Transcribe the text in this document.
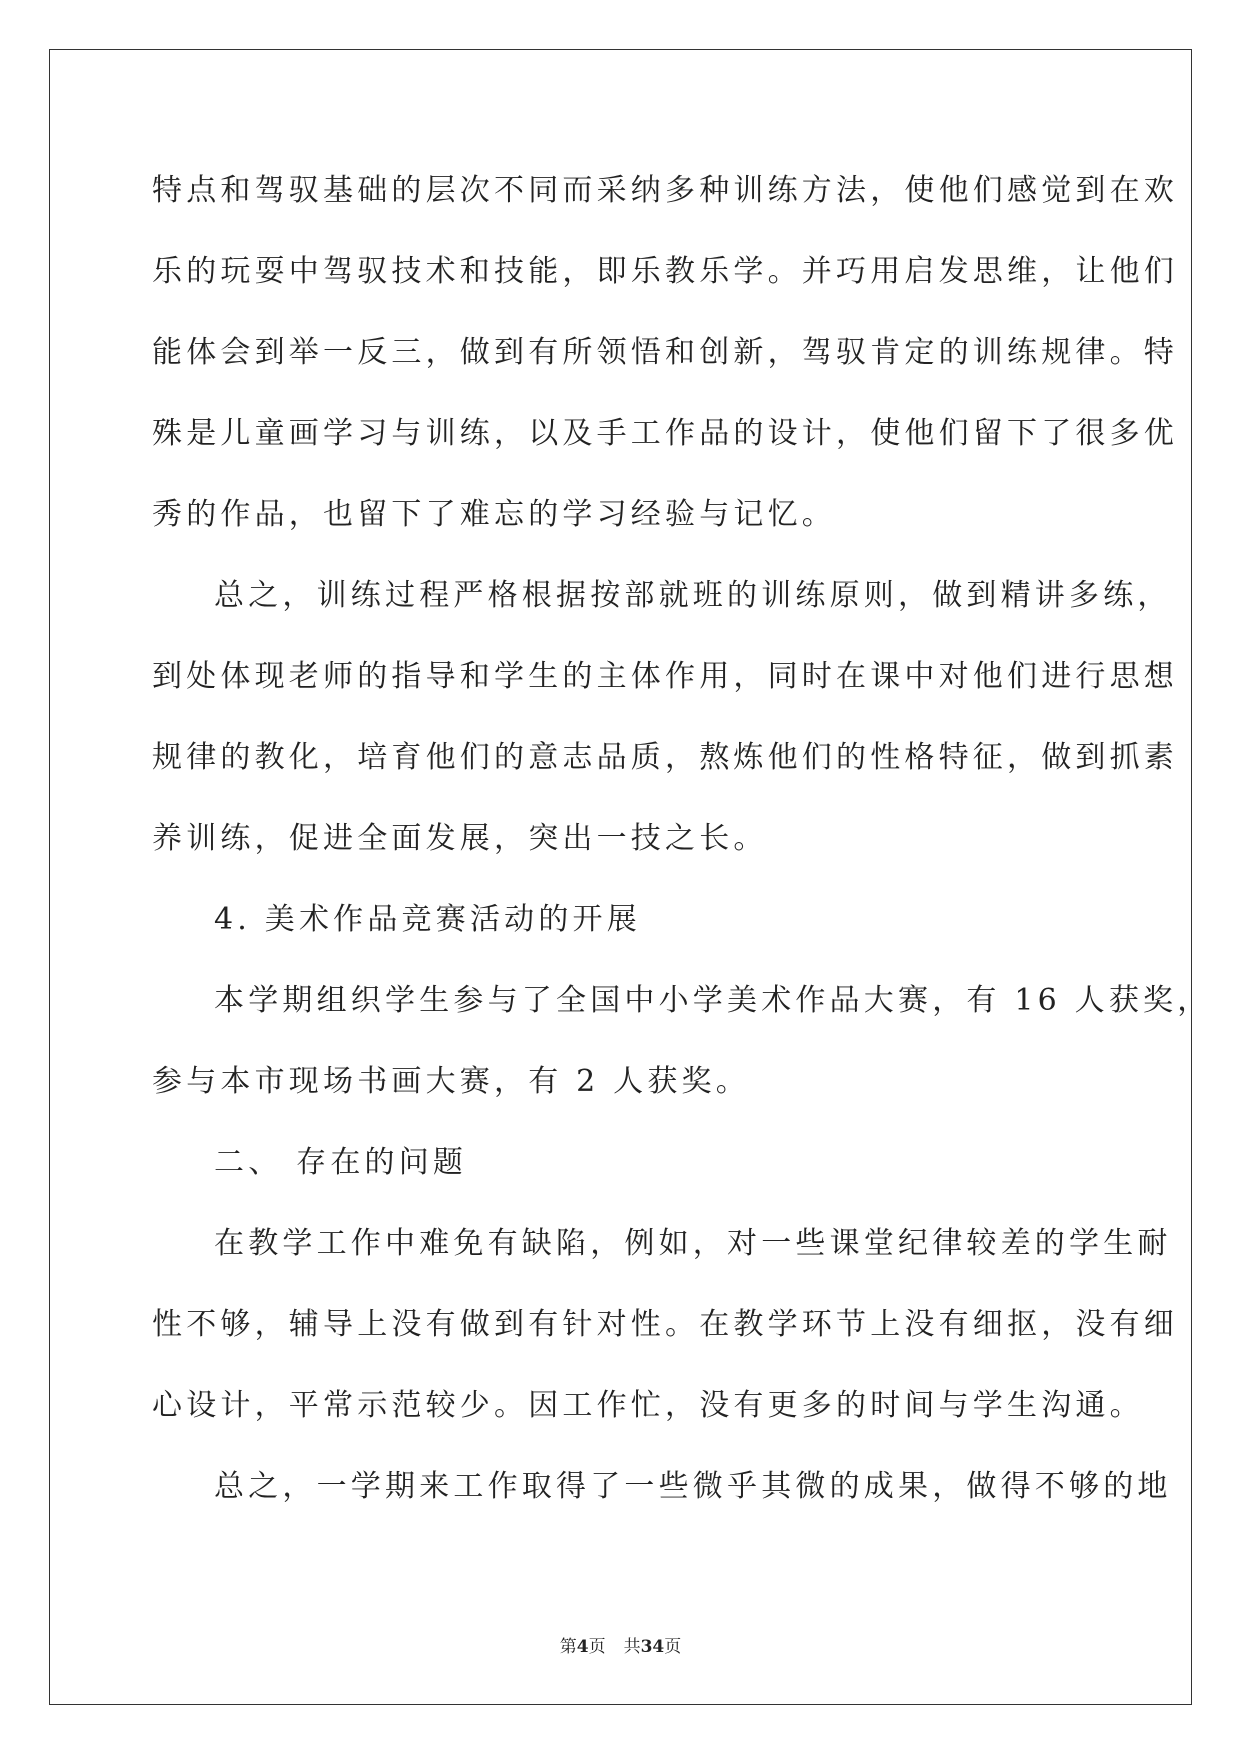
特点和驾驭基础的层次不同而采纳多种训练方法，使他们感觉到在欢
乐的玩耍中驾驭技术和技能，即乐教乐学。并巧用启发思维，让他们
能体会到举一反三，做到有所领悟和创新，驾驭肯定的训练规律。特
殊是儿童画学习与训练，以及手工作品的设计，使他们留下了很多优
秀的作品，也留下了难忘的学习经验与记忆。
总之，训练过程严格根据按部就班的训练原则，做到精讲多练，
到处体现老师的指导和学生的主体作用，同时在课中对他们进行思想
规律的教化，培育他们的意志品质，熬炼他们的性格特征，做到抓素
养训练，促进全面发展，突出一技之长。
4. 美术作品竞赛活动的开展
本学期组织学生参与了全国中小学美术作品大赛，有 16 人获奖，
参与本市现场书画大赛，有 2 人获奖。
二、 存在的问题
在教学工作中难免有缺陷，例如，对一些课堂纪律较差的学生耐
性不够，辅导上没有做到有针对性。在教学环节上没有细抠，没有细
心设计，平常示范较少。因工作忙，没有更多的时间与学生沟通。
总之，一学期来工作取得了一些微乎其微的成果，做得不够的地
第4页 共34页
